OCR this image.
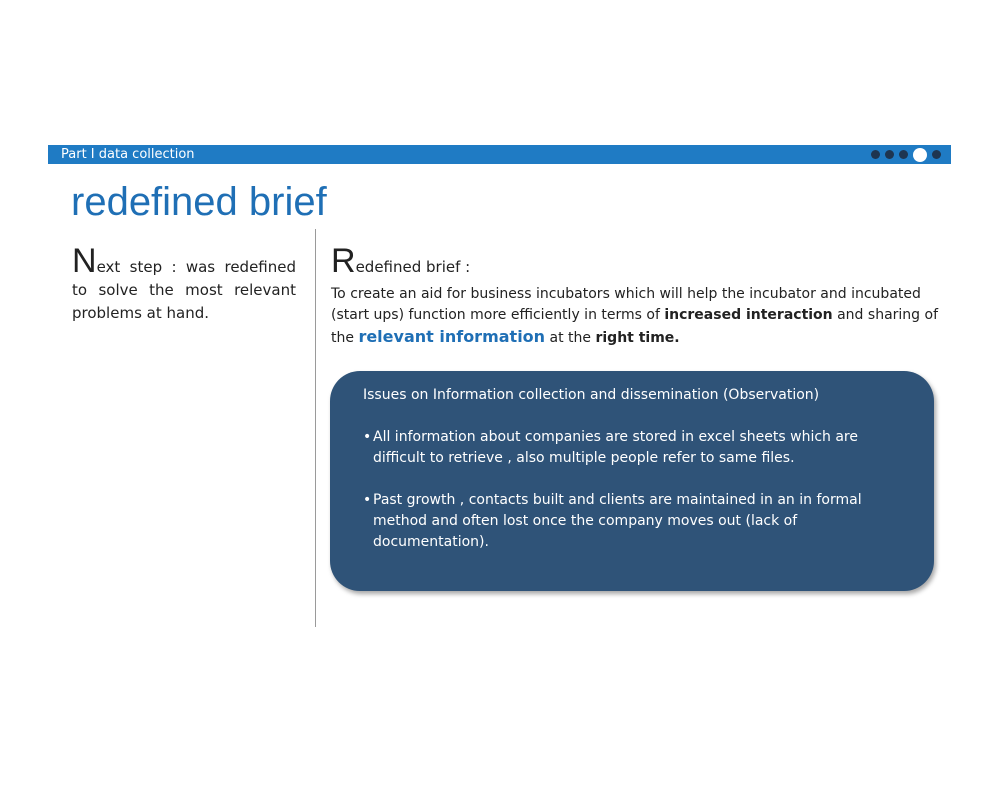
Part I data collection
redefined brief
Next step : was redefined to solve the most relevant problems at hand.
Redefined brief :
To create an aid for business incubators which will help the incubator and incubated (start ups) function more efficiently in terms of increased interaction and sharing of the relevant information at the right time.
Issues on Information collection and dissemination (Observation)
• All information about companies are stored in excel sheets which are difficult to retrieve , also multiple people refer to same files.
• Past growth , contacts built and clients are maintained in an in formal method and often lost once the company moves out (lack of documentation).
